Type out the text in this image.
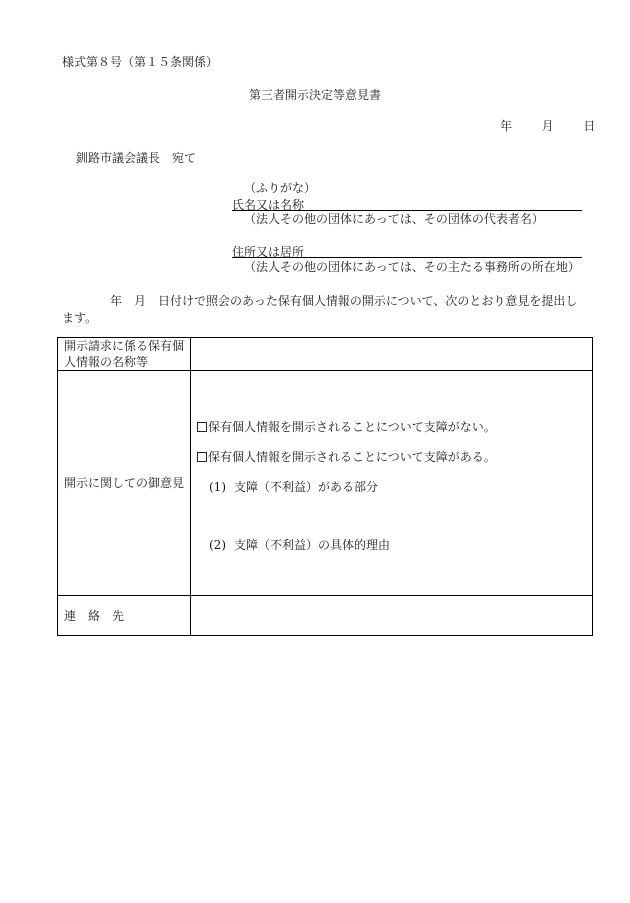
様式第８号（第１５条関係）
第三者開示決定等意見書
年 月 日
釧路市議会議長 宛て
（ふりがな）
氏名又は名称
（法人その他の団体にあっては、その団体の代表者名）
住所又は居所
（法人その他の団体にあっては、その主たる事務所の所在地）
年　月　日付けで照会のあった保有個人情報の開示について、次のとおり意見を提出し
ます。
開示請求に係る保有個人情報の名称等	
開示に関しての御意見	保有個人情報を開示されることについて支障がない。
保有個人情報を開示されることについて支障がある。
(1) 支障（不利益）がある部分
(2) 支障（不利益）の具体的理由

連 絡 先	
